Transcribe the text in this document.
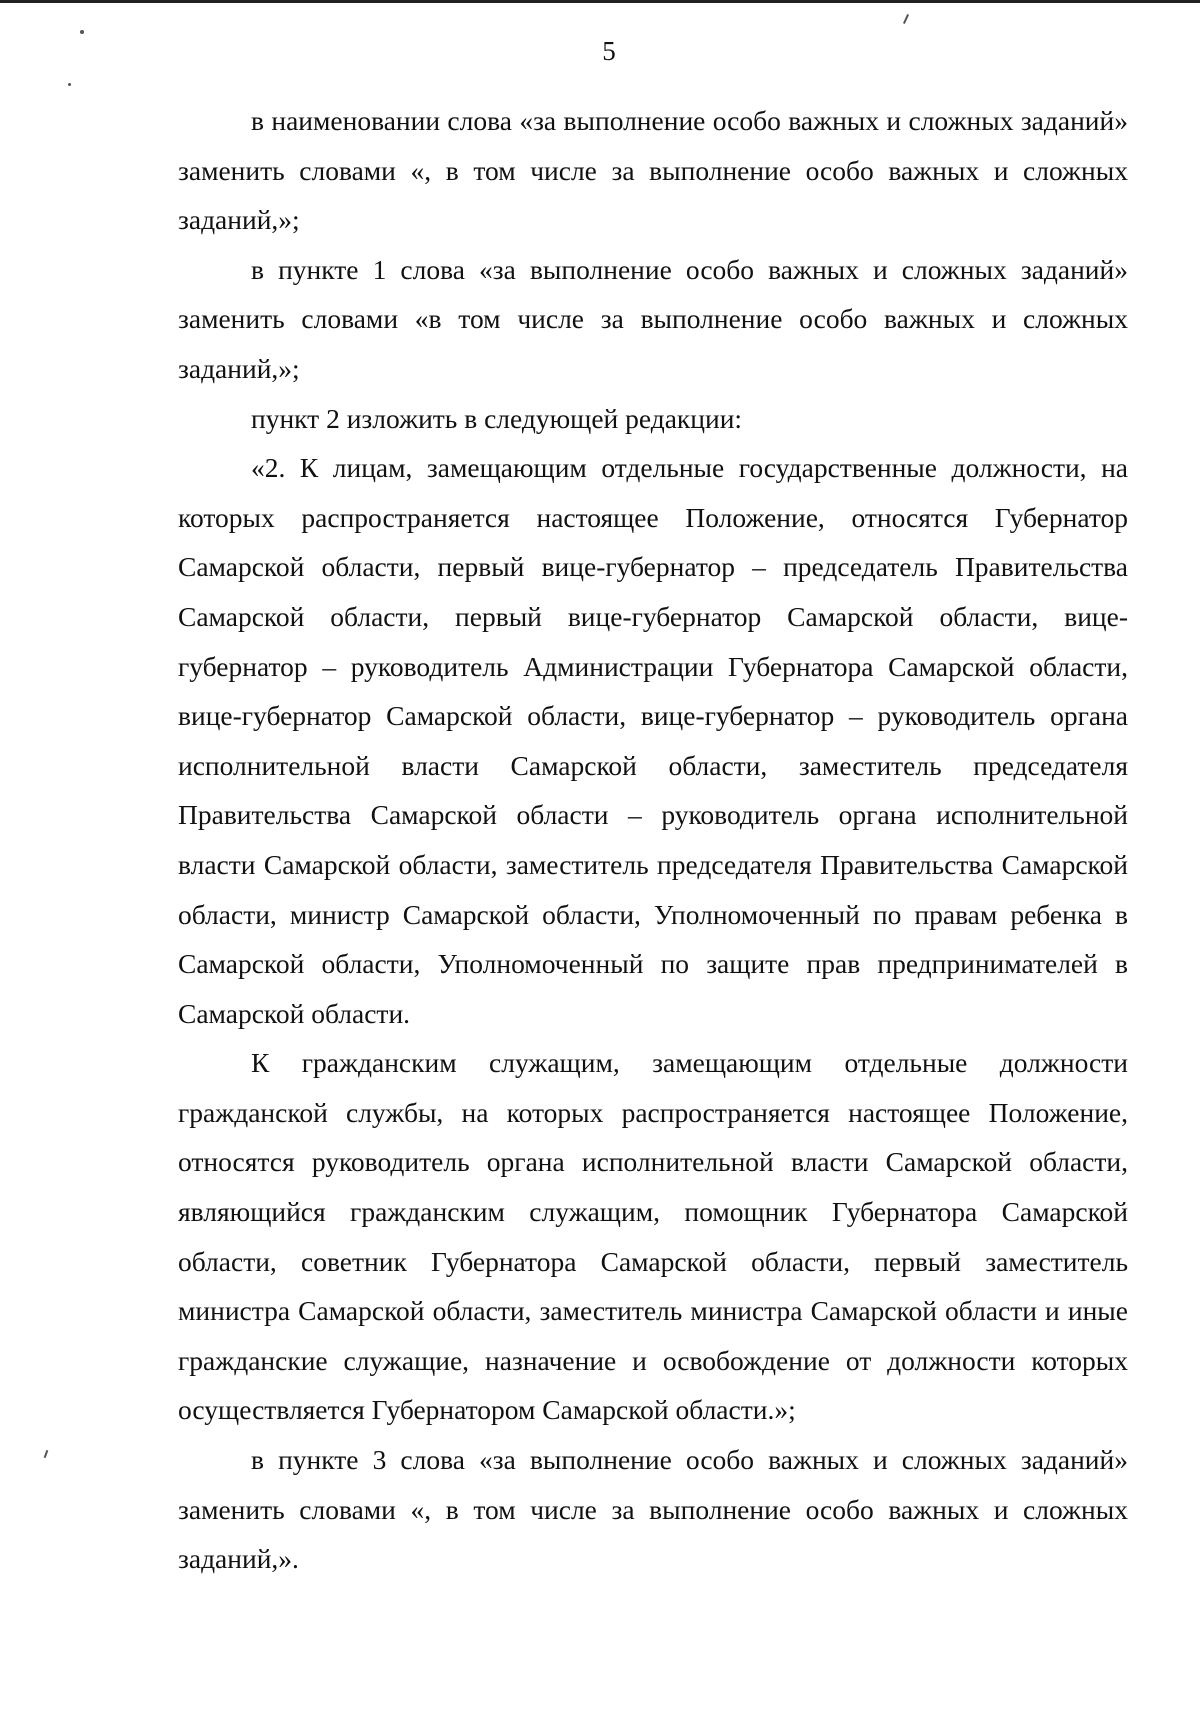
5

в наименовании слова «за выполнение особо важных и сложных заданий» заменить словами «, в том числе за выполнение особо важных и сложных заданий,»;

в пункте 1 слова «за выполнение особо важных и сложных заданий» заменить словами «в том числе за выполнение особо важных и сложных заданий,»;

пункт 2 изложить в следующей редакции:

«2. К лицам, замещающим отдельные государственные должности, на которых распространяется настоящее Положение, относятся Губернатор Самарской области, первый вице-губернатор – председатель Правительства Самарской области, первый вице-губернатор Самарской области, вице-губернатор – руководитель Администрации Губернатора Самарской области, вице-губернатор Самарской области, вице-губернатор – руководитель органа исполнительной власти Самарской области, заместитель председателя Правительства Самарской области – руководитель органа исполнительной власти Самарской области, заместитель председателя Правительства Самарской области, министр Самарской области, Уполномоченный по правам ребенка в Самарской области, Уполномоченный по защите прав предпринимателей в Самарской области.

К гражданским служащим, замещающим отдельные должности гражданской службы, на которых распространяется настоящее Положение, относятся руководитель органа исполнительной власти Самарской области, являющийся гражданским служащим, помощник Губернатора Самарской области, советник Губернатора Самарской области, первый заместитель министра Самарской области, заместитель министра Самарской области и иные гражданские служащие, назначение и освобождение от должности которых осуществляется Губернатором Самарской области.»;

в пункте 3 слова «за выполнение особо важных и сложных заданий» заменить словами «, в том числе за выполнение особо важных и сложных заданий,».
